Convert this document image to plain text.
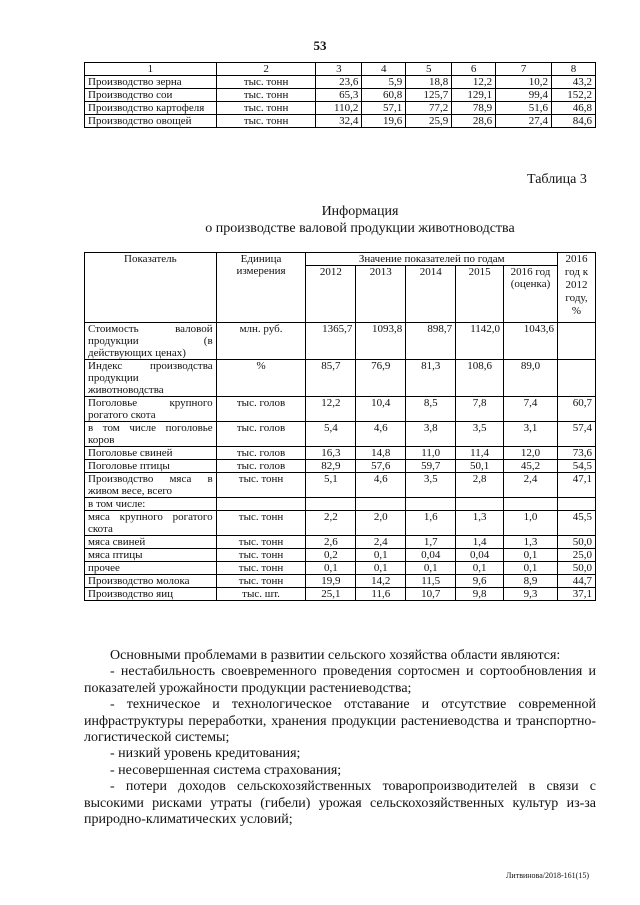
53
1	2	3	4	5	6	7	8
Производство зерна	тыс. тонн	23,6	5,9	18,8	12,2	10,2	43,2
Производство сои	тыс. тонн	65,3	60,8	125,7	129,1	99,4	152,2
Производство картофеля	тыс. тонн	110,2	57,1	77,2	78,9	51,6	46,8
Производство овощей	тыс. тонн	32,4	19,6	25,9	28,6	27,4	84,6
Таблица 3
Информация
о производстве валовой продукции животноводства
Показатель	Единица измерения	Значение показателей по годам					2016 год к 2012 году, %
		2012	2013	2014	2015	2016 год (оценка)	
Стоимость валовой продукции (в действующих ценах)	млн. руб.	1365,7	1093,8	898,7	1142,0	1043,6	
Индекс производства продукции животноводства	%	85,7	76,9	81,3	108,6	89,0	
Поголовье крупного рогатого скота	тыс. голов	12,2	10,4	8,5	7,8	7,4	60,7
в том числе поголовье коров	тыс. голов	5,4	4,6	3,8	3,5	3,1	57,4
Поголовье свиней	тыс. голов	16,3	14,8	11,0	11,4	12,0	73,6
Поголовье птицы	тыс. голов	82,9	57,6	59,7	50,1	45,2	54,5
Производство мяса в живом весе, всего	тыс. тонн	5,1	4,6	3,5	2,8	2,4	47,1
в том числе:							
мяса крупного рогатого скота	тыс. тонн	2,2	2,0	1,6	1,3	1,0	45,5
мяса свиней	тыс. тонн	2,6	2,4	1,7	1,4	1,3	50,0
мяса птицы	тыс. тонн	0,2	0,1	0,04	0,04	0,1	25,0
прочее	тыс. тонн	0,1	0,1	0,1	0,1	0,1	50,0
Производство молока	тыс. тонн	19,9	14,2	11,5	9,6	8,9	44,7
Производство яиц	тыс. шт.	25,1	11,6	10,7	9,8	9,3	37,1

Основными проблемами в развитии сельского хозяйства области являются:

- нестабильность своевременного проведения сортосмен и сортообновления и показателей урожайности продукции растениеводства;

- техническое и технологическое отставание и отсутствие современной инфраструктуры переработки, хранения продукции растениеводства и транспортно-логистической системы;

- низкий уровень кредитования;

- несовершенная система страхования;

- потери доходов сельскохозяйственных товаропроизводителей в связи с высокими рисками утраты (гибели) урожая сельскохозяйственных культур из-за природно-климатических условий;

Литвинова/2018-161(15)
